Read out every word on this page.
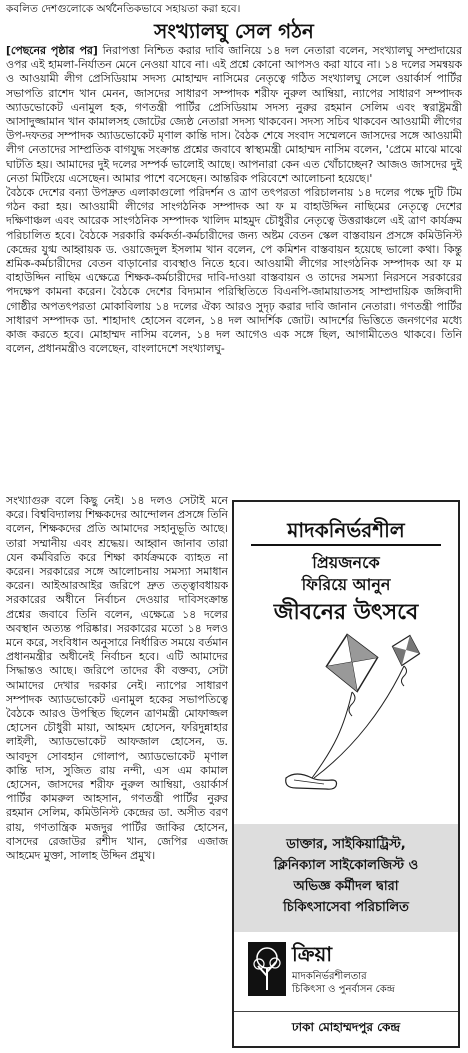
কবলিত দেশগুলোকে অর্থনৈতিকভাবে সহায়তা করা হবে।
সংখ্যালঘু সেল গঠন

[পেছনের পৃষ্ঠার পর] নিরাপত্তা নিশ্চিত করার দাবি জানিয়ে ১৪ দল নেতারা বলেন, সংখ্যালঘু সম্প্রদায়ের ওপর এই হামলা-নির্যাতন মেনে নেওয়া যাবে না। এই প্রশ্নে কোনো আপসও করা যাবে না। ১৪ দলের সমন্বয়ক ও আওয়ামী লীগ প্রেসিডিয়াম সদস্য মোহাম্মদ নাসিমের নেতৃত্বে গঠিত সংখ্যালঘু সেলে ওয়ার্কার্স পার্টির সভাপতি রাশেদ খান মেনন, জাসদের সাধারণ সম্পাদক শরীফ নুরুল আম্বিয়া, ন্যাপের সাধারণ সম্পাদক অ্যাডভোকেট এনামুল হক, গণতন্ত্রী পার্টির প্রেসিডিয়াম সদস্য নুরুর রহমান সেলিম এবং স্বরাষ্ট্রমন্ত্রী আসাদুজ্জামান খান কামালসহ জোটের জ্যেষ্ঠ নেতারা সদস্য থাকবেন। সদস্য সচিব থাকবেন আওয়ামী লীগের উপ-দফতর সম্পাদক অ্যাডভোকেট মৃণাল কান্তি দাস। বৈঠক শেষে সংবাদ সম্মেলনে জাসদের সঙ্গে আওয়ামী লীগ নেতাদের সাম্প্রতিক বাগযুদ্ধ সংক্রান্ত প্রশ্নের জবাবে স্বাস্থ্যমন্ত্রী মোহাম্মদ নাসিম বলেন, 'প্রেমে মাঝে মাঝে ঘাটতি হয়। আমাদের দুই দলের সম্পর্ক ভালোই আছে। আপনারা কেন এত খোঁচাচ্ছেন? আজও জাসদের দুই নেতা মিটিংয়ে এসেছেন। আমার পাশে বসেছেন। আন্তরিক পরিবেশে আলোচনা হয়েছে।'

বৈঠকে দেশের বন্যা উপদ্রুত এলাকাগুলো পরিদর্শন ও ত্রাণ তৎপরতা পরিচালনায় ১৪ দলের পক্ষে দুটি টিম গঠন করা হয়। আওয়ামী লীগের সাংগঠনিক সম্পাদক আ ফ ম বাহাউদ্দিন নাছিমের নেতৃত্বে দেশের দক্ষিণাঞ্চল এবং আরেক সাংগঠনিক সম্পাদক খালিদ মাহমুদ চৌধুরীর নেতৃত্বে উত্তরাঞ্চলে এই ত্রাণ কার্যক্রম পরিচালিত হবে। বৈঠকে সরকারি কর্মকর্তা-কর্মচারীদের জন্য অষ্টম বেতন স্কেল বাস্তবায়ন প্রসঙ্গে কমিউনিস্ট কেন্দ্রের যুগ্ম আহ্বায়ক ড. ওয়াজেদুল ইসলাম খান বলেন, পে কমিশন বাস্তবায়ন হয়েছে ভালো কথা। কিন্তু শ্রমিক-কর্মচারীদের বেতন বাড়ানোর ব্যবস্থাও নিতে হবে। আওয়ামী লীগের সাংগঠনিক সম্পাদক আ ফ ম বাহাউদ্দিন নাছিম এক্ষেত্রে শিক্ষক-কর্মচারীদের দাবি-দাওয়া বাস্তবায়ন ও তাদের সমস্যা নিরসনে সরকারের পদক্ষেপ কামনা করেন। বৈঠকে দেশের বিদ্যমান পরিস্থিতিতে বিএনপি-জামায়াতসহ সাম্প্রদায়িক জঙ্গিবাদী গোষ্ঠীর অপতৎপরতা মোকাবিলায় ১৪ দলের ঐক্য আরও সুদৃঢ় করার দাবি জানান নেতারা। গণতন্ত্রী পার্টির সাধারণ সম্পাদক ডা. শাহাদাৎ হোসেন বলেন, ১৪ দল আদর্শিক জোট। আদর্শের ভিত্তিতে জনগণের মধ্যে কাজ করতে হবে। মোহাম্মদ নাসিম বলেন, ১৪ দল আগেও এক সঙ্গে ছিল, আগামীতেও থাকবে। তিনি বলেন, প্রধানমন্ত্রীও বলেছেন, বাংলাদেশে সংখ্যালঘু-

সংখ্যাগুরু বলে কিছু নেই। ১৪ দলও সেটাই মনে করে। বিশ্ববিদ্যালয় শিক্ষকদের আন্দোলন প্রসঙ্গে তিনি বলেন, শিক্ষকদের প্রতি আমাদের সহানুভূতি আছে। তারা সম্মানীয় এবং শ্রদ্ধেয়। আহ্বান জানাব তারা যেন কর্মবিরতি করে শিক্ষা কার্যক্রমকে ব্যাহত না করেন। সরকারের সঙ্গে আলোচনায় সমস্যা সমাধান করেন। আইআরআইর জরিপে দ্রুত তত্ত্বাবধায়ক সরকারের অধীনে নির্বাচন দেওয়ার দাবিসংক্রান্ত প্রশ্নের জবাবে তিনি বলেন, এক্ষেত্রে ১৪ দলের অবস্থান অত্যন্ত পরিষ্কার। সরকারের মতো ১৪ দলও মনে করে, সংবিধান অনুসারে নির্ধারিত সময়ে বর্তমান প্রধানমন্ত্রীর অধীনেই নির্বাচন হবে। এটি আমাদের সিদ্ধান্তও আছে। জরিপে তাদের কী বক্তব্য, সেটা আমাদের দেখার দরকার নেই। ন্যাপের সাধারণ সম্পাদক অ্যাডভোকেট এনামুল হকের সভাপতিত্বে বৈঠকে আরও উপস্থিত ছিলেন ত্রাণমন্ত্রী মোফাজ্জল হোসেন চৌধুরী মায়া, আহমদ হোসেন, ফরিদুন্নাহার লাইলী, অ্যাডভোকেট আফজাল হোসেন, ড. আবদুস সোবহান গোলাপ, অ্যাডভোকেট মৃণাল কান্তি দাস, সুজিত রায় নন্দী, এস এম কামাল হোসেন, জাসদের শরীফ নুরুল আম্বিয়া, ওয়ার্কার্স পার্টির কামরুল আহসান, গণতন্ত্রী পার্টির নুরুর রহমান সেলিম, কমিউনিস্ট কেন্দ্রের ডা. অসীত বরণ রায়, গণতান্ত্রিক মজদুর পার্টির জাকির হোসেন, বাসদের রেজাউর রশীদ খান, জেপির এজাজ আহমেদ মুক্তা, সালাহ উদ্দিন প্রমুখ।

মাদকনির্ভরশীল
প্রিয়জনকে
ফিরিয়ে আনুন
জীবনের উৎসবে
ডাক্তার, সাইকিয়াট্রিস্ট,
ক্লিনিক্যাল সাইকোলজিস্ট ও
অভিজ্ঞ কর্মীদল দ্বারা
চিকিৎসাসেবা পরিচালিত
ক্রিয়া
মাদকনির্ভরশীলতার
চিকিৎসা ও পুনর্বাসন কেন্দ্র
ঢাকা মোহাম্মদপুর কেন্দ্র
